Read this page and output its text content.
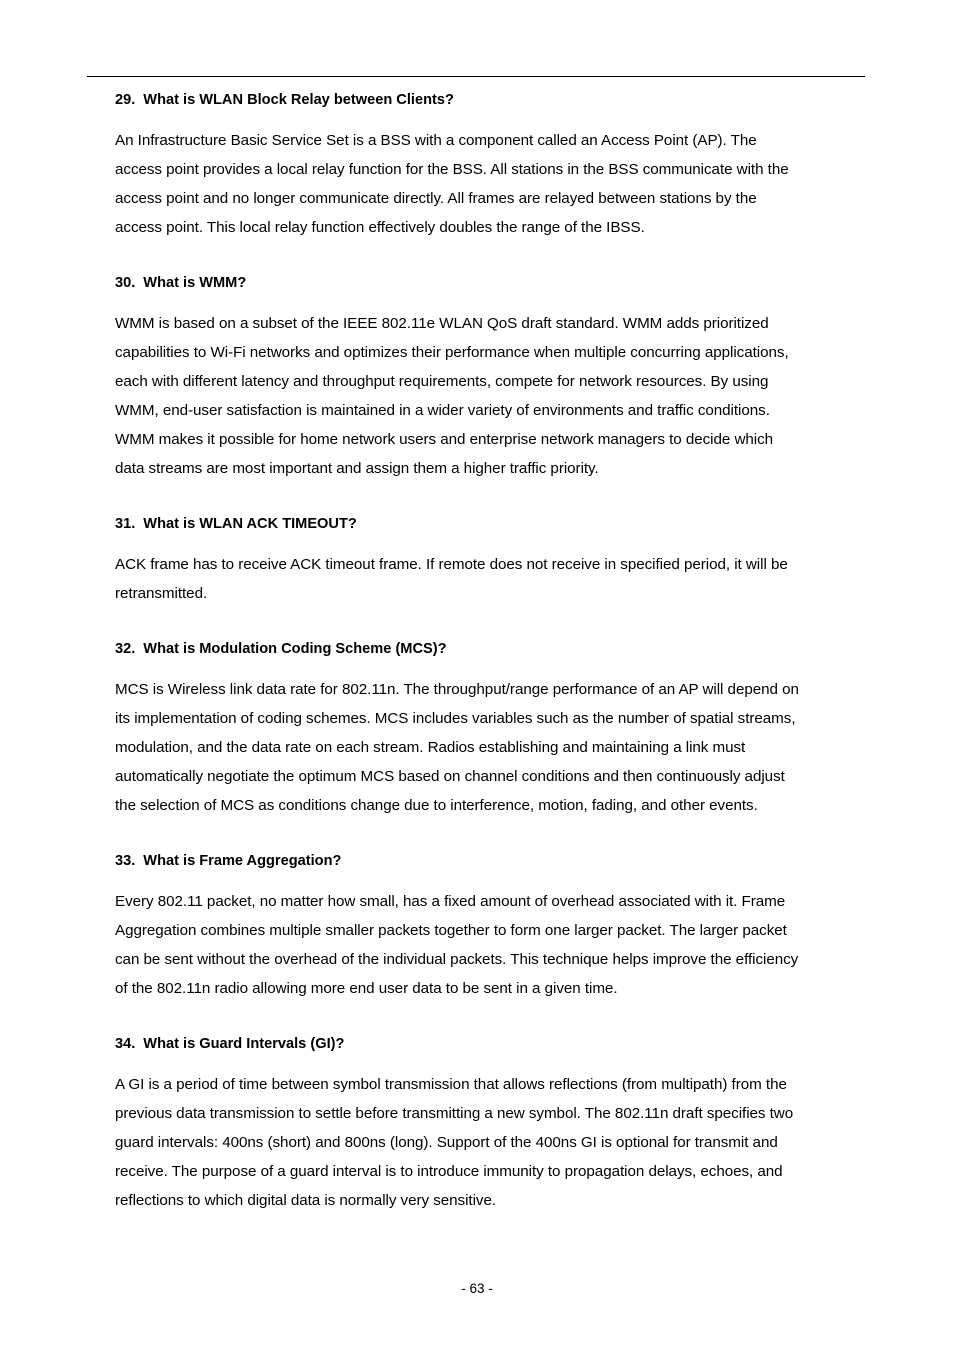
29. What is WLAN Block Relay between Clients?
An Infrastructure Basic Service Set is a BSS with a component called an Access Point (AP). The
access point provides a local relay function for the BSS. All stations in the BSS communicate with the
access point and no longer communicate directly. All frames are relayed between stations by the
access point. This local relay function effectively doubles the range of the IBSS.
30. What is WMM?
WMM is based on a subset of the IEEE 802.11e WLAN QoS draft standard. WMM adds prioritized
capabilities to Wi-Fi networks and optimizes their performance when multiple concurring applications,
each with different latency and throughput requirements, compete for network resources. By using
WMM, end-user satisfaction is maintained in a wider variety of environments and traffic conditions.
WMM makes it possible for home network users and enterprise network managers to decide which
data streams are most important and assign them a higher traffic priority.
31. What is WLAN ACK TIMEOUT?
ACK frame has to receive ACK timeout frame. If remote does not receive in specified period, it will be
retransmitted.
32. What is Modulation Coding Scheme (MCS)?
MCS is Wireless link data rate for 802.11n. The throughput/range performance of an AP will depend on
its implementation of coding schemes. MCS includes variables such as the number of spatial streams,
modulation, and the data rate on each stream. Radios establishing and maintaining a link must
automatically negotiate the optimum MCS based on channel conditions and then continuously adjust
the selection of MCS as conditions change due to interference, motion, fading, and other events.
33. What is Frame Aggregation?
Every 802.11 packet, no matter how small, has a fixed amount of overhead associated with it. Frame
Aggregation combines multiple smaller packets together to form one larger packet. The larger packet
can be sent without the overhead of the individual packets. This technique helps improve the efficiency
of the 802.11n radio allowing more end user data to be sent in a given time.
34. What is Guard Intervals (GI)?
A GI is a period of time between symbol transmission that allows reflections (from multipath) from the
previous data transmission to settle before transmitting a new symbol. The 802.11n draft specifies two
guard intervals: 400ns (short) and 800ns (long). Support of the 400ns GI is optional for transmit and
receive. The purpose of a guard interval is to introduce immunity to propagation delays, echoes, and
reflections to which digital data is normally very sensitive.
- 63 -
